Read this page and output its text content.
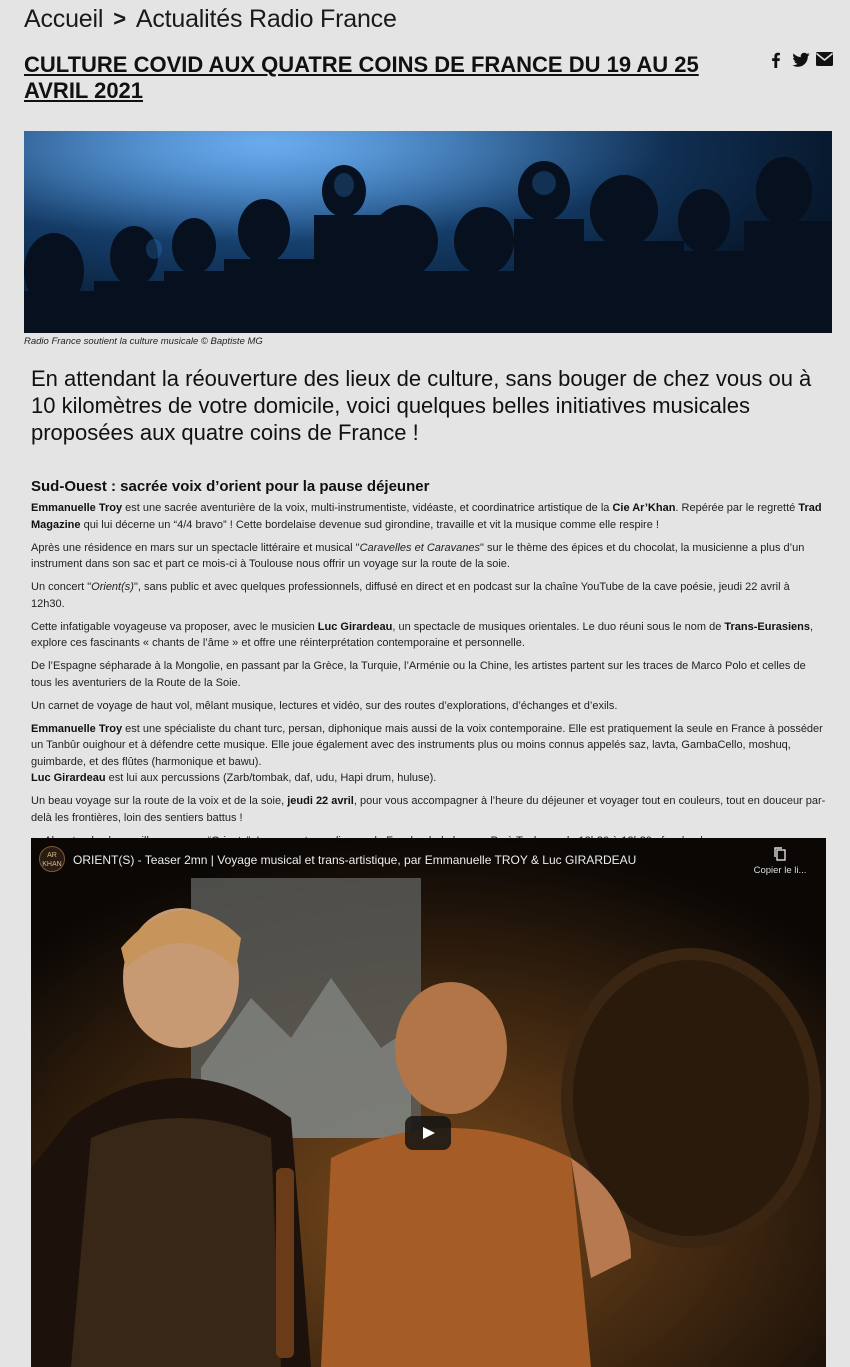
Accueil > Actualités Radio France
CULTURE COVID AUX QUATRE COINS DE FRANCE DU 19 AU 25 AVRIL 2021
Radio France soutient la culture musicale © Baptiste MG

En attendant la réouverture des lieux de culture, sans bouger de chez vous ou à 10 kilomètres de votre domicile, voici quelques belles initiatives musicales proposées aux quatre coins de France !

Sud-Ouest : sacrée voix d’orient pour la pause déjeuner

Emmanuelle Troy est une sacrée aventurière de la voix, multi-instrumentiste, vidéaste, et coordinatrice artistique de la Cie Ar’Khan. Repérée par le regretté Trad Magazine qui lui décerne un “4/4 bravo” ! Cette bordelaise devenue sud girondine, travaille et vit la musique comme elle respire !

Après une résidence en mars sur un spectacle littéraire et musical "Caravelles et Caravanes" sur le thème des épices et du chocolat, la musicienne a plus d’un instrument dans son sac et part ce mois-ci à Toulouse nous offrir un voyage sur la route de la soie.

Un concert "Orient(s)", sans public et avec quelques professionnels, diffusé en direct et en podcast sur la chaîne YouTube de la cave poésie, jeudi 22 avril à 12h30.

Cette infatigable voyageuse va proposer, avec le musicien Luc Girardeau, un spectacle de musiques orientales. Le duo réuni sous le nom de Trans-Eurasiens, explore ces fascinants « chants de l’âme » et offre une réinterprétation contemporaine et personnelle.

De l’Espagne sépharade à la Mongolie, en passant par la Grèce, la Turquie, l’Arménie ou la Chine, les artistes partent sur les traces de Marco Polo et celles de tous les aventuriers de la Route de la Soie.

Un carnet de voyage de haut vol, mêlant musique, lectures et vidéo, sur des routes d’explorations, d’échanges et d’exils.

Emmanuelle Troy est une spécialiste du chant turc, persan, diphonique mais aussi de la voix contemporaine. Elle est pratiquement la seule en France à posséder un Tanbûr ouighour et à défendre cette musique. Elle joue également avec des instruments plus ou moins connus appelés saz, lavta, GambaCello, moshuq, guimbarde, et des flûtes (harmonique et bawu).
Luc Girardeau est lui aux percussions (Zarb/tombak, daf, udu, Hapi drum, huluse).

Un beau voyage sur la route de la voix et de la soie, jeudi 22 avril, pour vous accompagner à l’heure du déjeuner et voyager tout en couleurs, tout en douceur par-delà les frontières, loin des sentiers battus !

AR KHAN ORIENT(S) - Teaser 2mn | Voyage musical et trans-artistique, par Emmanuelle TROY & Luc GIRARDEAU
Copier le li...
